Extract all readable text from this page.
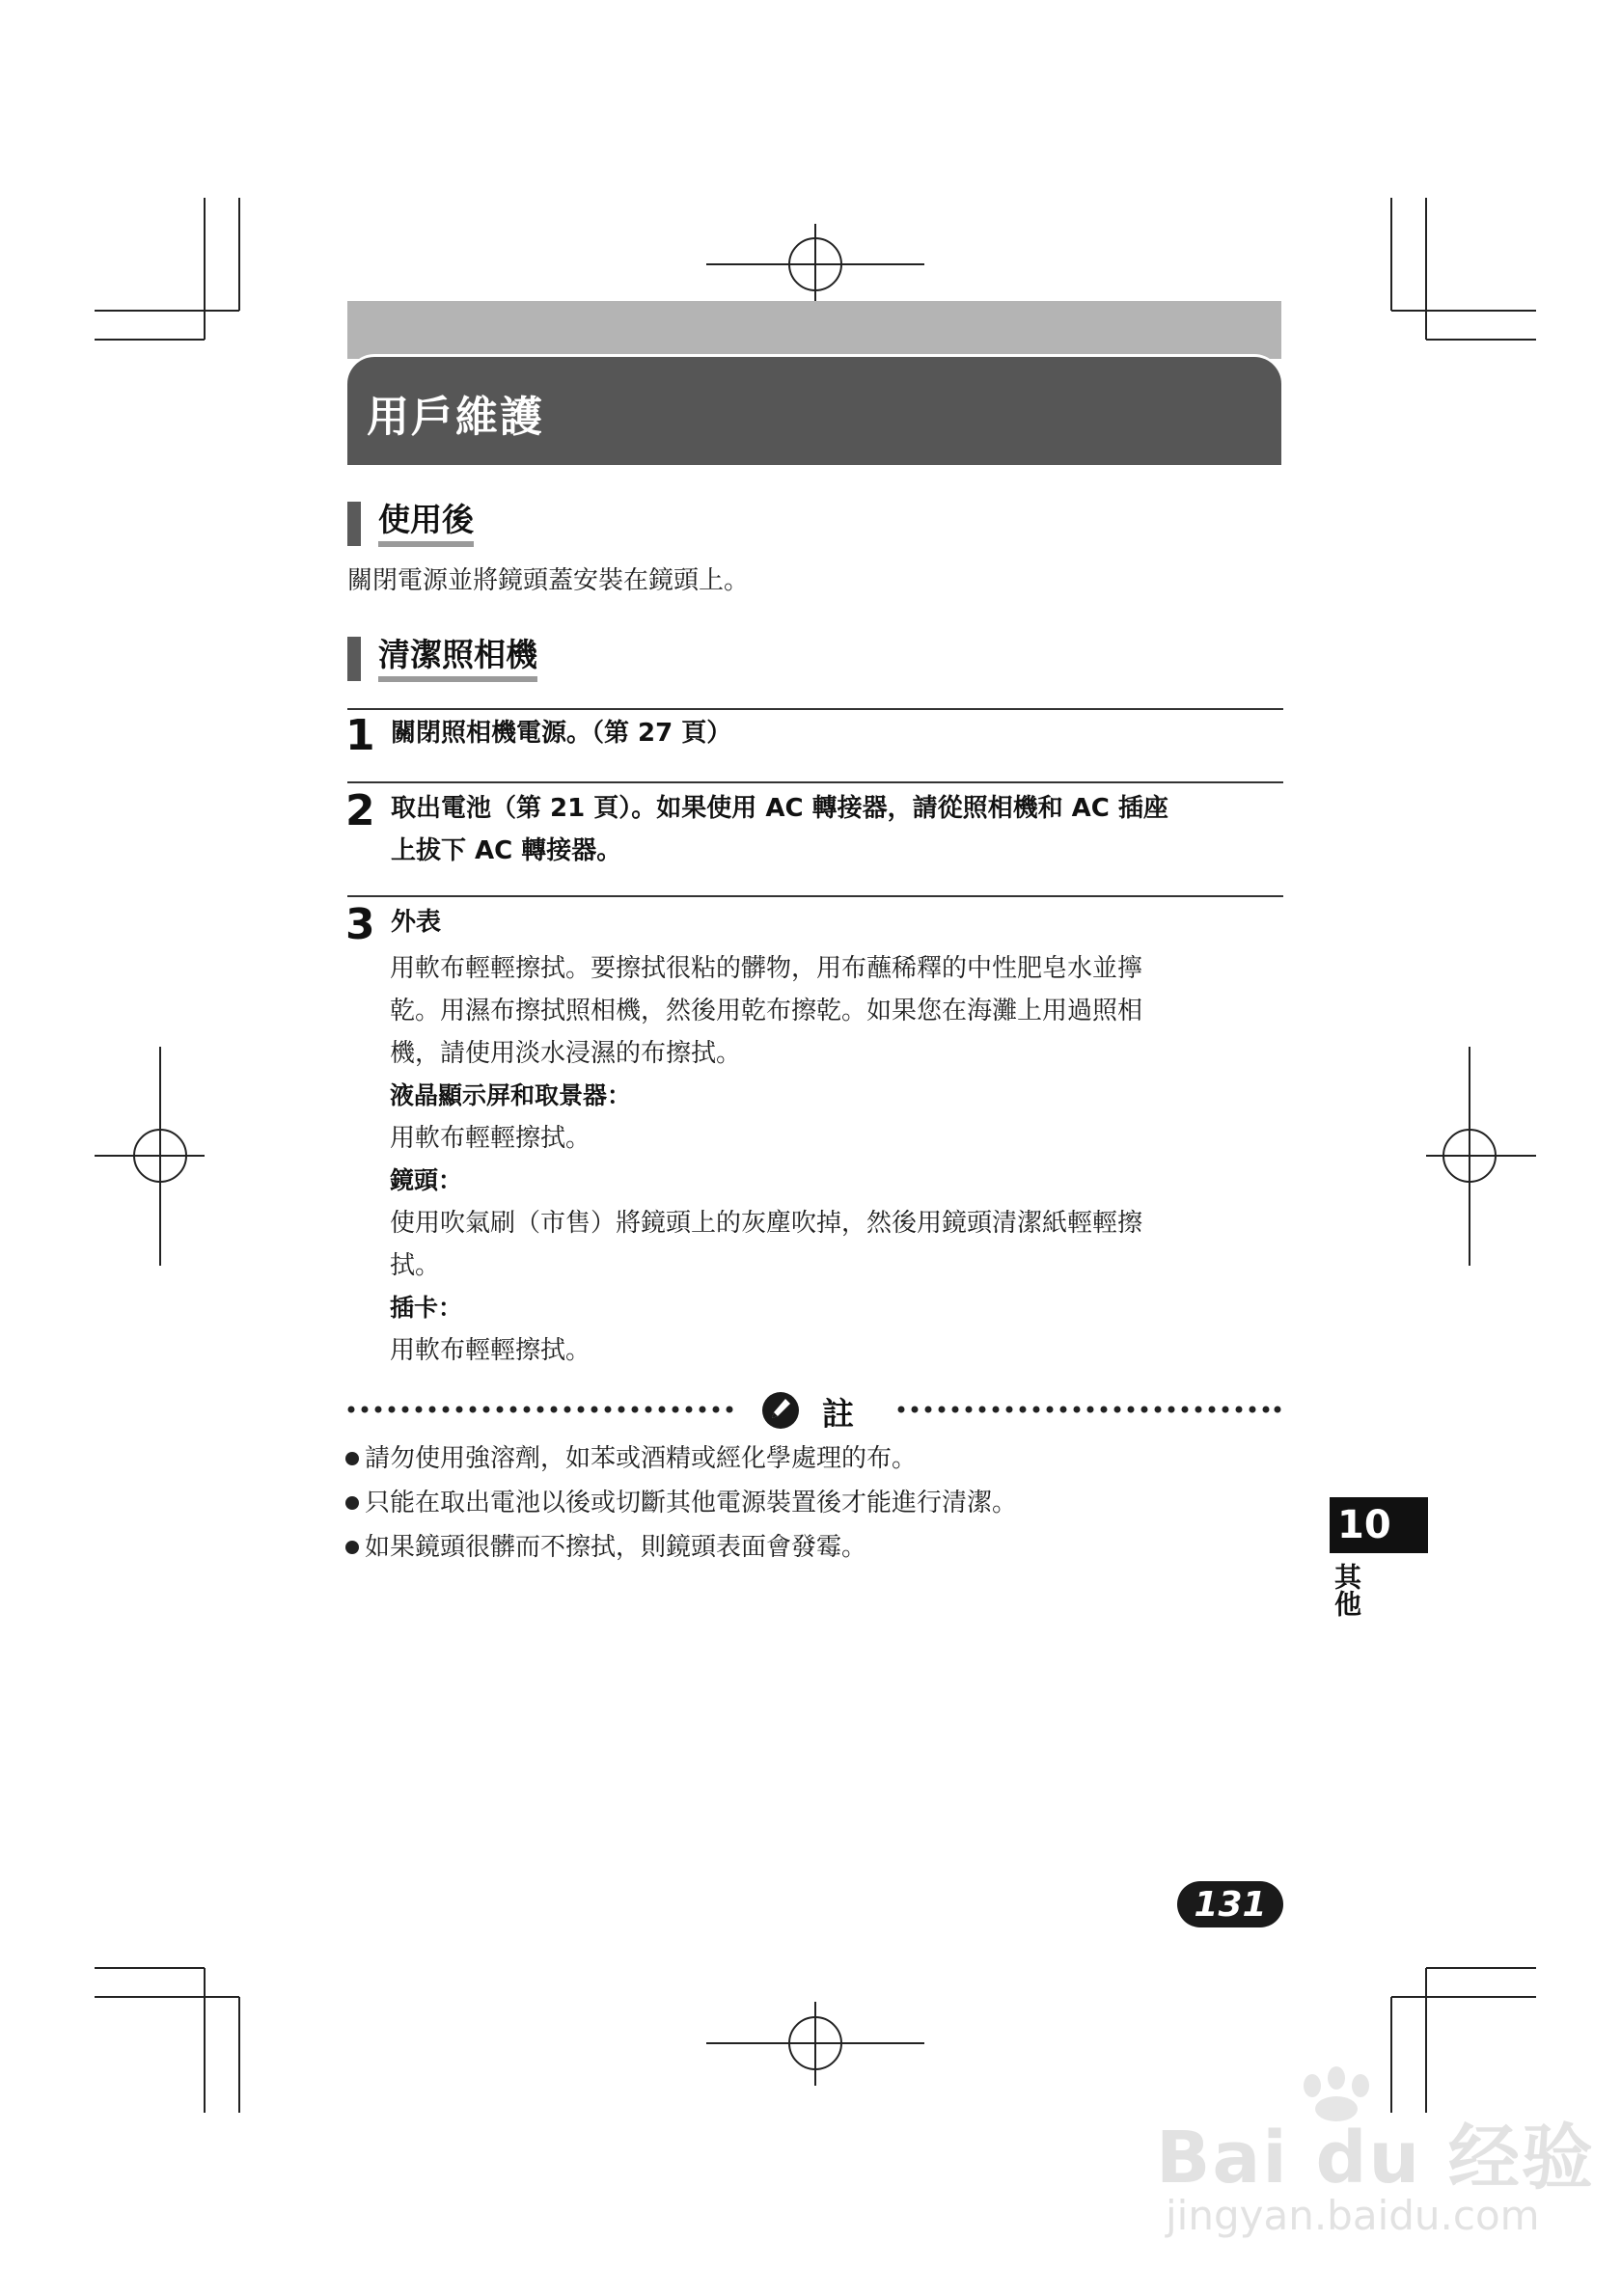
用戶維護
使用後
關閉電源並將鏡頭蓋安裝在鏡頭上。
清潔照相機
1 關閉照相機電源。（第 27 頁）
2 取出電池（第 21 頁）。如果使用 AC 轉接器，請從照相機和 AC 插座
上拔下 AC 轉接器。
3 外表
用軟布輕輕擦拭。要擦拭很粘的髒物，用布蘸稀釋的中性肥皂水並擰
乾。用濕布擦拭照相機，然後用乾布擦乾。如果您在海灘上用過照相
機，請使用淡水浸濕的布擦拭。
液晶顯示屏和取景器：
用軟布輕輕擦拭。
鏡頭：
使用吹氣刷（市售）將鏡頭上的灰塵吹掉，然後用鏡頭清潔紙輕輕擦
拭。
插卡：
用軟布輕輕擦拭。
註
請勿使用強溶劑，如苯或酒精或經化學處理的布。
只能在取出電池以後或切斷其他電源裝置後才能進行清潔。
如果鏡頭很髒而不擦拭，則鏡頭表面會發霉。	10
其他
131
Bai du 经验
jingyan.baidu.com
